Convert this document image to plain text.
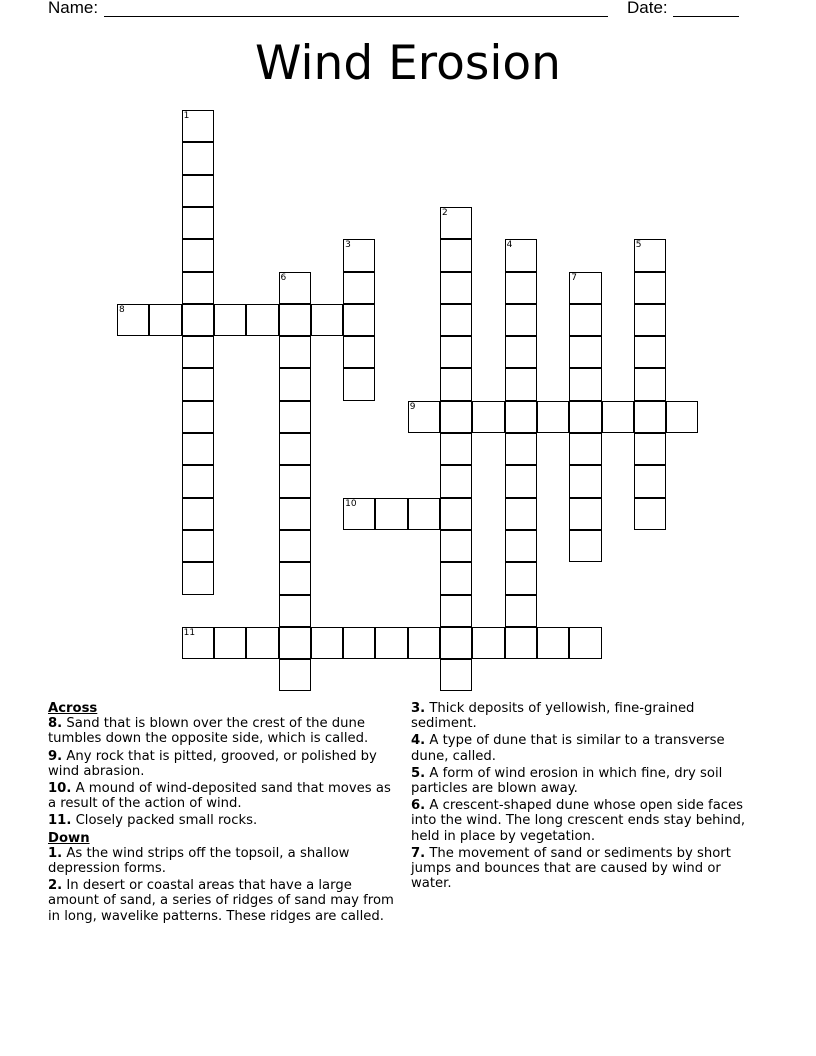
Name:	Date:
Wind Erosion
1
2
3	4	5
6	7
8
9
10
11

Across

8. Sand that is blown over the crest of the dune tumbles down the opposite side, which is called.

9. Any rock that is pitted, grooved, or polished by wind abrasion.

10. A mound of wind-deposited sand that moves as a result of the action of wind.

11. Closely packed small rocks.

Down

1. As the wind strips off the topsoil, a shallow depression forms.

2. In desert or coastal areas that have a large amount of sand, a series of ridges of sand may from in long, wavelike patterns. These ridges are called.

3. Thick deposits of yellowish, fine-grained sediment.

4. A type of dune that is similar to a transverse dune, called.

5. A form of wind erosion in which fine, dry soil particles are blown away.

6. A crescent-shaped dune whose open side faces into the wind. The long crescent ends stay behind, held in place by vegetation.

7. The movement of sand or sediments by short jumps and bounces that are caused by wind or water.
